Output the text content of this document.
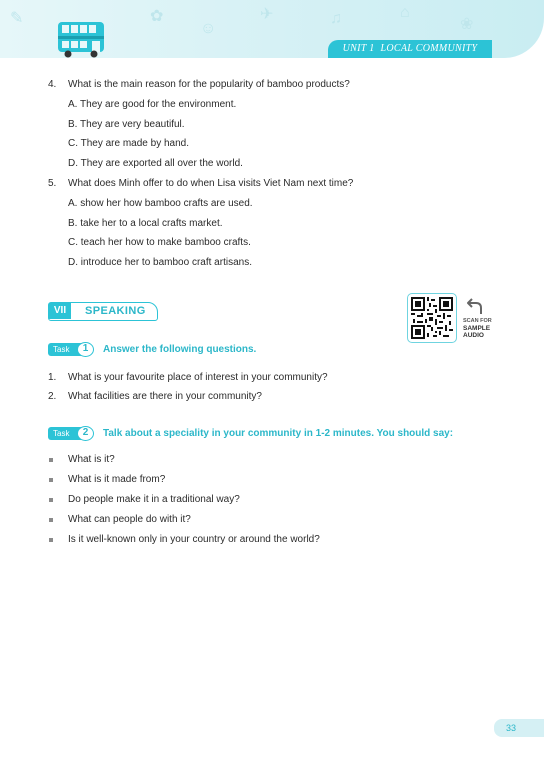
✎	✿
☺
✈	♫	⌂
❀
UNIT 1 LOCAL COMMUNITY
4. What is the main reason for the popularity of bamboo products?
A. They are good for the environment.
B. They are very beautiful.
C. They are made by hand.
D. They are exported all over the world.
5. What does Minh offer to do when Lisa visits Viet Nam next time?
A. show her how bamboo crafts are used.
B. take her to a local crafts market.
C. teach her how to make bamboo crafts.
D. introduce her to bamboo craft artisans.
VII	SPEAKING
SCAN FOR
SAMPLE
AUDIO
Task	1	Answer the following questions.
1. What is your favourite place of interest in your community?
2. What facilities are there in your community?
Task	2	Talk about a speciality in your community in 1-2 minutes. You should say:
What is it?
What is it made from?
Do people make it in a traditional way?
What can people do with it?
Is it well-known only in your country or around the world?
33
